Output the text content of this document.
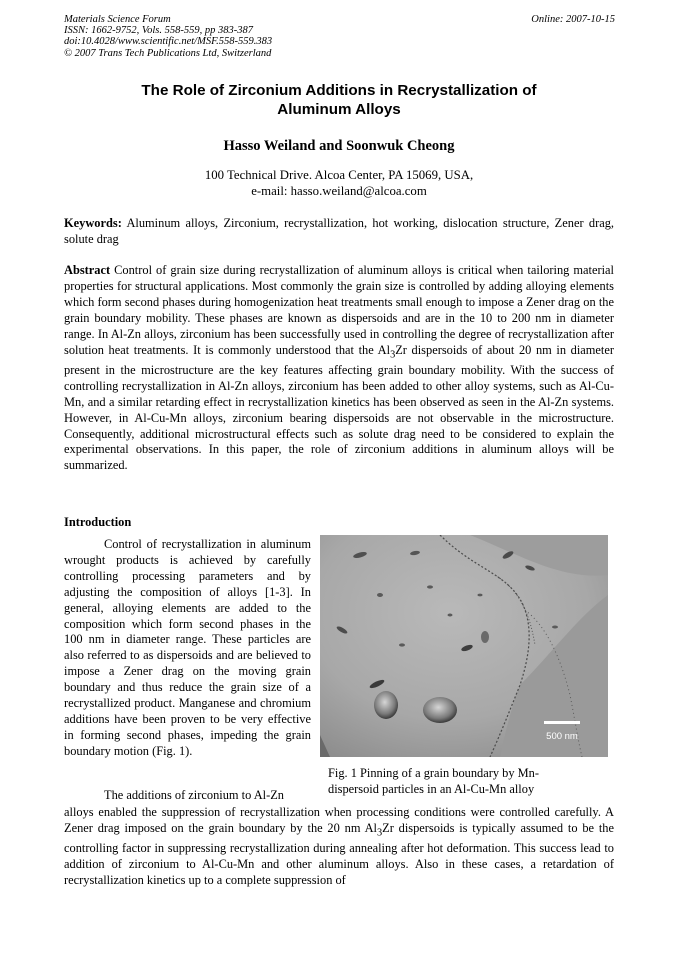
Materials Science Forum
ISSN: 1662-9752, Vols. 558-559, pp 383-387
doi:10.4028/www.scientific.net/MSF.558-559.383
© 2007 Trans Tech Publications Ltd, Switzerland
Online: 2007-10-15
The Role of Zirconium Additions in Recrystallization of
Aluminum Alloys
Hasso Weiland and Soonwuk Cheong
100 Technical Drive. Alcoa Center, PA 15069, USA,
e-mail: hasso.weiland@alcoa.com
Keywords: Aluminum alloys, Zirconium, recrystallization, hot working, dislocation structure, Zener drag, solute drag
Abstract Control of grain size during recrystallization of aluminum alloys is critical when tailoring material properties for structural applications. Most commonly the grain size is controlled by adding alloying elements which form second phases during homogenization heat treatments small enough to impose a Zener drag on the grain boundary mobility. These phases are known as dispersoids and are in the 10 to 200 nm in diameter range. In Al-Zn alloys, zirconium has been successfully used in controlling the degree of recrystallization after solution heat treatments. It is commonly understood that the $Al_3Zr$ dispersoids of about 20 nm in diameter present in the microstructure are the key features affecting grain boundary mobility. With the success of controlling recrystallization in Al-Zn alloys, zirconium has been added to other alloy systems, such as Al-Cu-Mn, and a similar retarding effect in recrystallization kinetics has been observed as seen in the Al-Zn systems. However, in Al-Cu-Mn alloys, zirconium bearing dispersoids are not observable in the microstructure. Consequently, additional microstructural effects such as solute drag need to be considered to explain the experimental observations. In this paper, the role of zirconium additions in aluminum alloys will be summarized.
Introduction

Control of recrystallization in aluminum wrought products is achieved by carefully controlling processing parameters and by adjusting the composition of alloys [1-3]. In general, alloying elements are added to the composition which form second phases in the 100 nm in diameter range. These particles are also referred to as dispersoids and are believed to impose a Zener drag on the moving grain boundary and thus reduce the grain size of a recrystallized product. Manganese and chromium additions have been proven to be very effective in forming second phases, impeding the grain boundary motion (Fig. 1).

The additions of zirconium to Al-Zn

500 nm
Fig. 1 Pinning of a grain boundary by Mn-dispersoid particles in an Al-Cu-Mn alloy
alloys enabled the suppression of recrystallization when processing conditions were controlled carefully. A Zener drag imposed on the grain boundary by the 20 nm $Al_3Zr$ dispersoids is typically assumed to be the controlling factor in suppressing recrystallization during annealing after hot deformation. This success lead to addition of zirconium to Al-Cu-Mn and other aluminum alloys. Also in these cases, a retardation of recrystallization kinetics up to a complete suppression of
